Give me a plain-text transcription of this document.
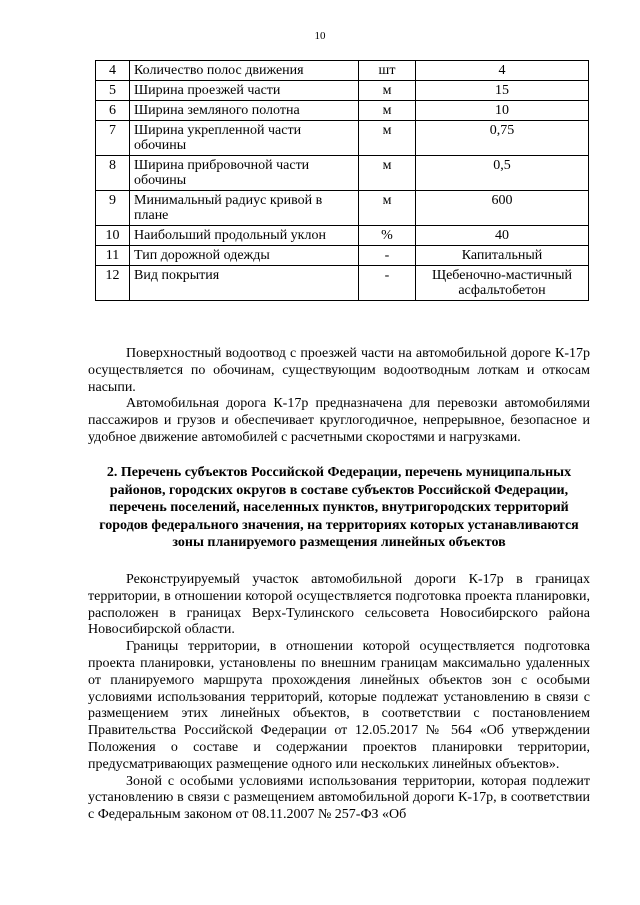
10
4	Количество полос движения	шт	4
5	Ширина проезжей части	м	15
6	Ширина земляного полотна	м	10
7	Ширина укрепленной части обочины	м	0,75
8	Ширина прибровочной части обочины	м	0,5
9	Минимальный радиус кривой в плане	м	600
10	Наибольший продольный уклон	%	40
11	Тип дорожной одежды	-	Капитальный
12	Вид покрытия	-	Щебеночно-мастичный асфальтобетон

Поверхностный водоотвод с проезжей части на автомобильной дороге К-17р осуществляется по обочинам, существующим водоотводным лоткам и откосам насыпи.

Автомобильная дорога К-17р предназначена для перевозки автомобилями пассажиров и грузов и обеспечивает круглогодичное, непрерывное, безопасное и удобное движение автомобилей с расчетными скоростями и нагрузками.

2. Перечень субъектов Российской Федерации, перечень муниципальных районов, городских округов в составе субъектов Российской Федерации, перечень поселений, населенных пунктов, внутригородских территорий городов федерального значения, на территориях которых устанавливаются зоны планируемого размещения линейных объектов

Реконструируемый участок автомобильной дороги К-17р в границах территории, в отношении которой осуществляется подготовка проекта планировки, расположен в границах Верх-Тулинского сельсовета Новосибирского района Новосибирской области.

Границы территории, в отношении которой осуществляется подготовка проекта планировки, установлены по внешним границам максимально удаленных от планируемого маршрута прохождения линейных объектов зон с особыми условиями использования территорий, которые подлежат установлению в связи с размещением этих линейных объектов, в соответствии с постановлением Правительства Российской Федерации от 12.05.2017 № 564 «Об утверждении Положения о составе и содержании проектов планировки территории, предусматривающих размещение одного или нескольких линейных объектов».

Зоной с особыми условиями использования территории, которая подлежит установлению в связи с размещением автомобильной дороги К-17р, в соответствии с Федеральным законом от 08.11.2007 № 257-ФЗ «Об
